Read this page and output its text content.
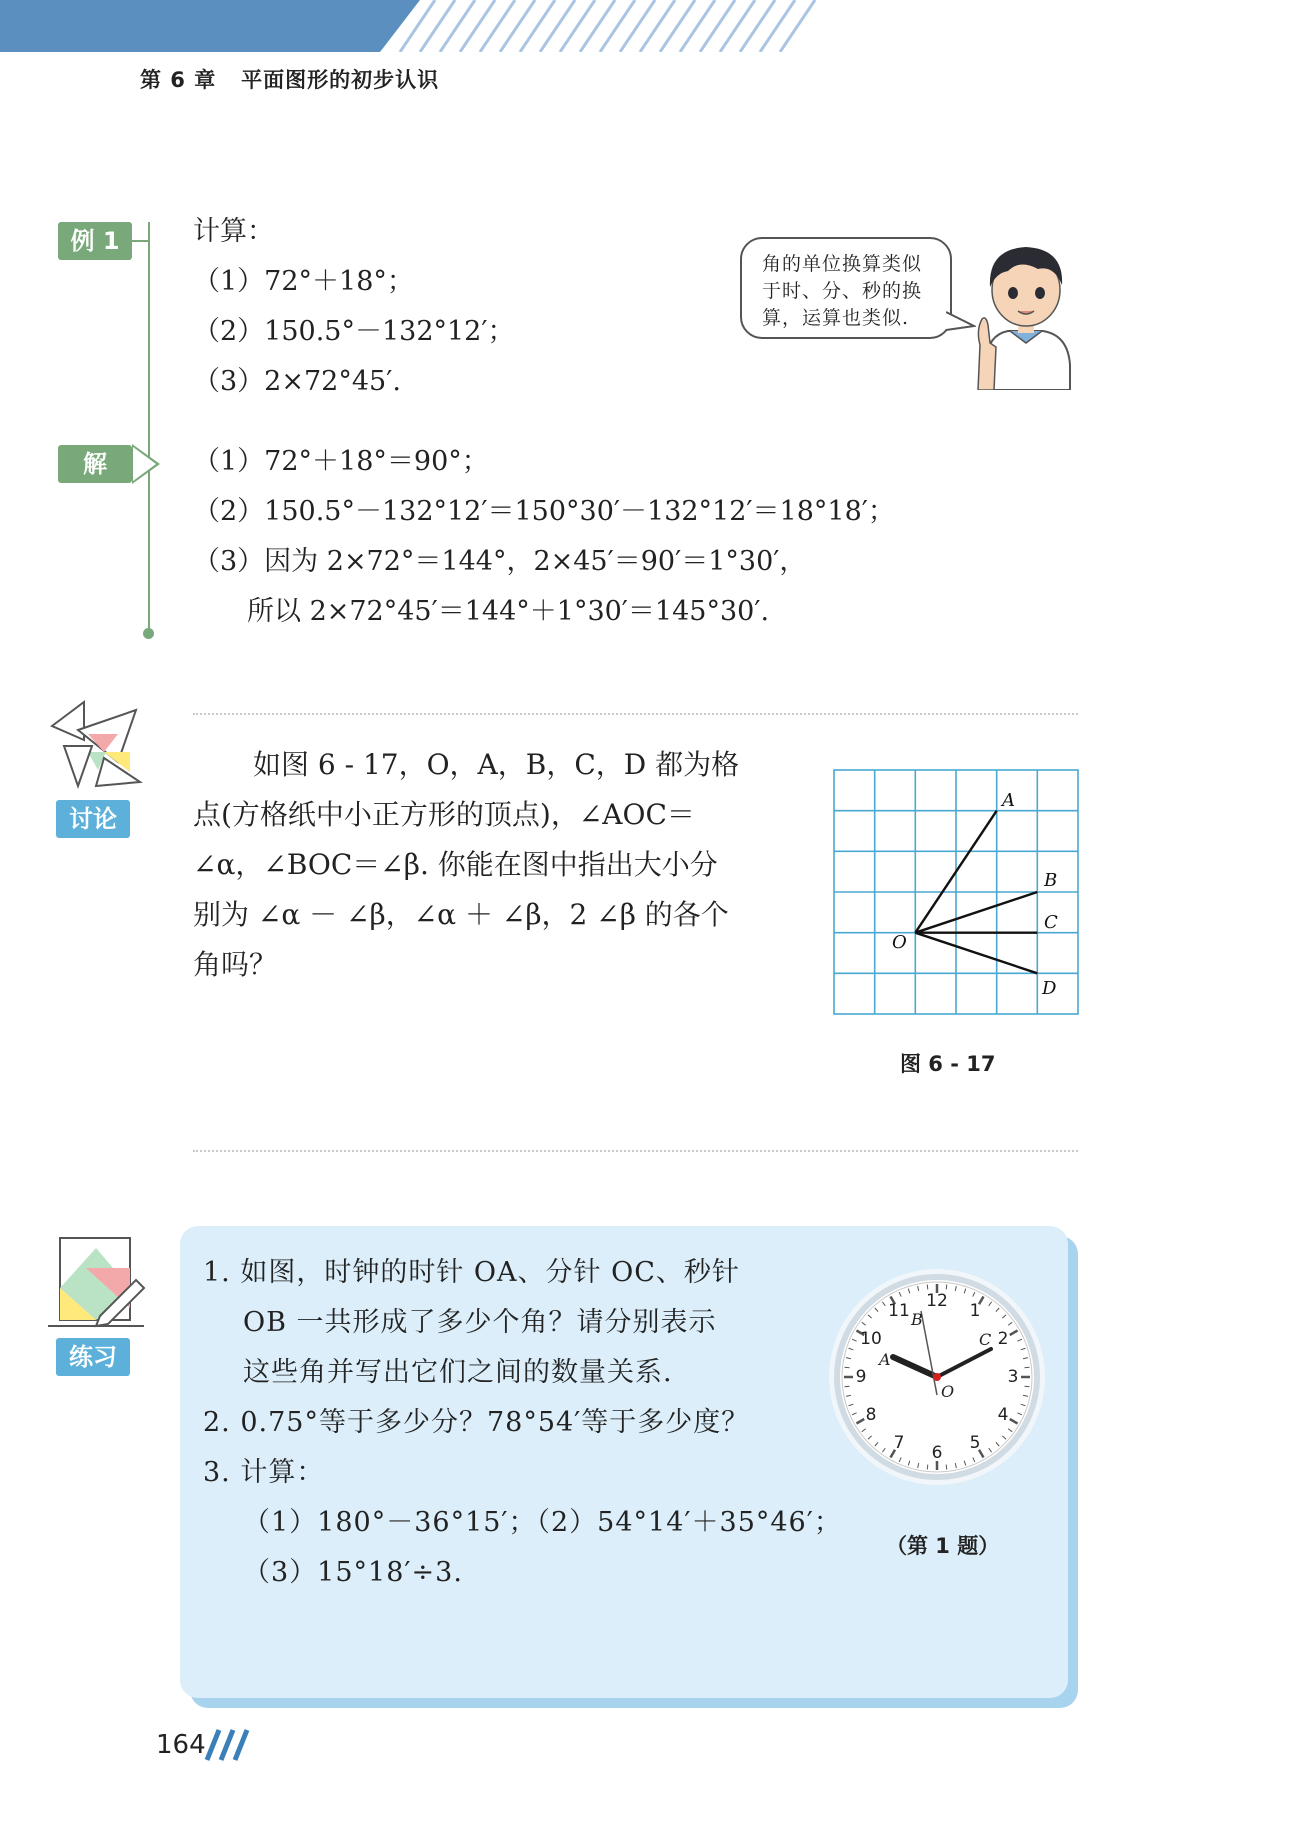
第 6 章 平面图形的初步认识
例 1	计算：
（1）72°＋18°；
（2）150.5°－132°12′；
（3）2×72°45′.
角的单位换算类似
于时、分、秒的换
算，运算也类似.
解	（1）72°＋18°＝90°；
（2）150.5°－132°12′＝150°30′－132°12′＝18°18′；
（3）因为 2×72°＝144°，2×45′＝90′＝1°30′，
所以 2×72°45′＝144°＋1°30′＝145°30′.
讨论
如图 6 - 17，O，A，B，C，D 都为格
点(方格纸中小正方形的顶点)，∠AOC＝
∠α，∠BOC＝∠β. 你能在图中指出大小分
别为 ∠α － ∠β，∠α ＋ ∠β，2 ∠β 的各个
角吗？
A
B
C
D
O
图 6 - 17
练习
1. 如图，时钟的时针 OA、分针 OC、秒针
OB 一共形成了多少个角？请分别表示
这些角并写出它们之间的数量关系.
2. 0.75°等于多少分？78°54′等于多少度？
3. 计算：
（1）180°－36°15′；
（2）54°14′＋35°46′；
（3）15°18′÷3.
12 1
2
3
4
5
6
7
8
9
10
11
A
B
C
O
（第 1 题）
164
